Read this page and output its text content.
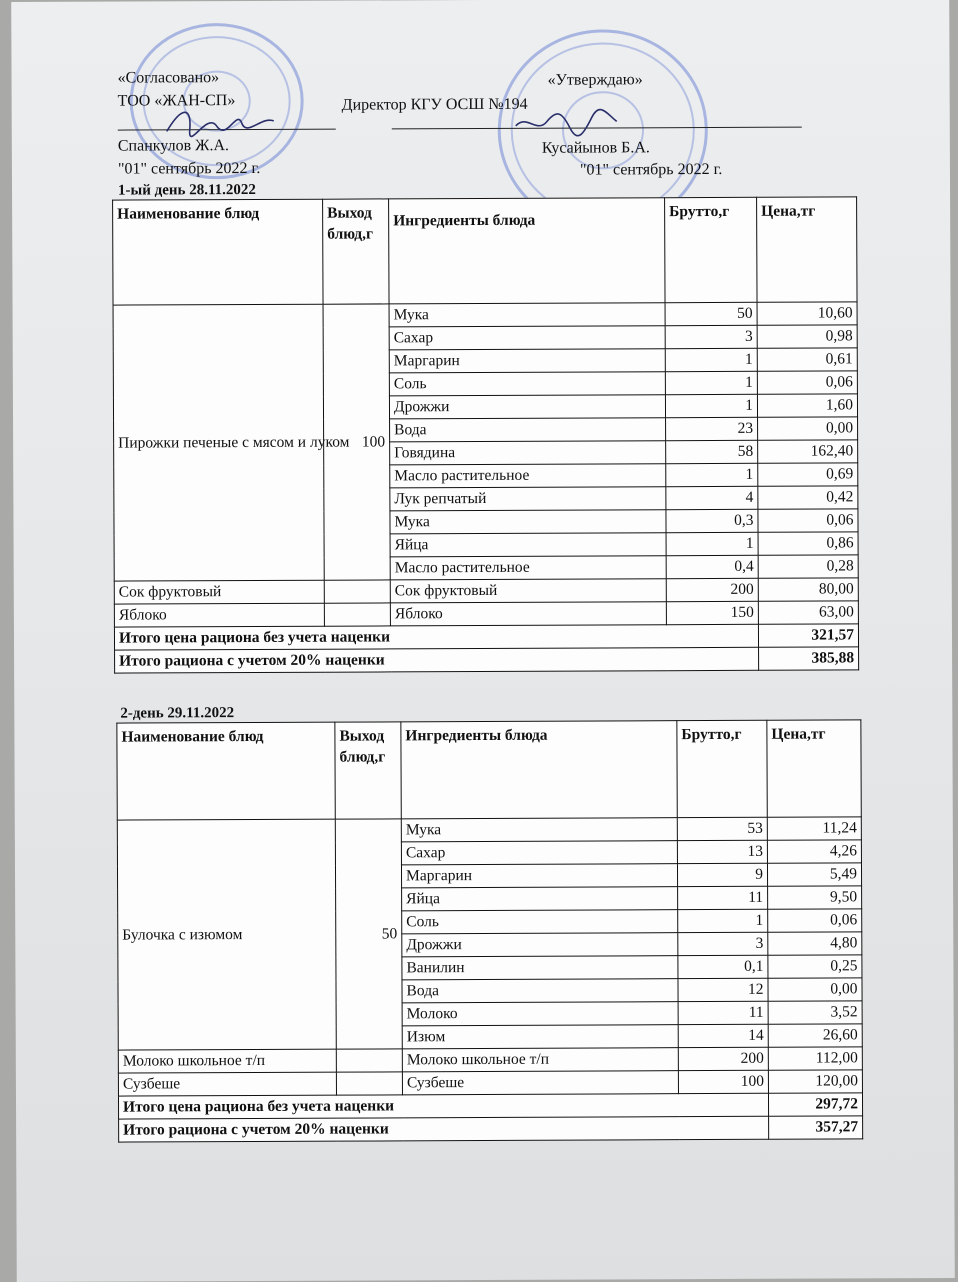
«Согласовано»
ТОО «ЖАН-СП»
Спанкулов Ж.А.
"01" сентябрь 2022 г.
«Утверждаю»
Директор КГУ ОСШ №194
Кусайынов Б.А.
"01" сентябрь 2022 г.
1-ый день 28.11.2022
Наименование блюд	Выход блюд,г	Ингредиенты блюда	Брутто,г	Цена,тг
Пирожки печеные с мясом и луком	100	Мука	50	10,60
		Сахар	3	0,98
		Маргарин	1	0,61
		Соль	1	0,06
		Дрожжи	1	1,60
		Вода	23	0,00
		Говядина	58	162,40
		Масло растительное	1	0,69
		Лук репчатый	4	0,42
		Мука	0,3	0,06
		Яйца	1	0,86
		Масло растительное	0,4	0,28
Сок фруктовый		Сок фруктовый	200	80,00
Яблоко		Яблоко	150	63,00
Итого цена рациона без учета наценки				321,57
Итого рациона с учетом 20% наценки				385,88
2-день 29.11.2022
Наименование блюд	Выход блюд,г	Ингредиенты блюда	Брутто,г	Цена,тг
Булочка с изюмом	50	Мука	53	11,24
		Сахар	13	4,26
		Маргарин	9	5,49
		Яйца	11	9,50
		Соль	1	0,06
		Дрожжи	3	4,80
		Ванилин	0,1	0,25
		Вода	12	0,00
		Молоко	11	3,52
		Изюм	14	26,60
Молоко школьное т/п		Молоко школьное т/п	200	112,00
Сузбеше		Сузбеше	100	120,00
Итого цена рациона без учета наценки				297,72
Итого рациона с учетом 20% наценки				357,27
